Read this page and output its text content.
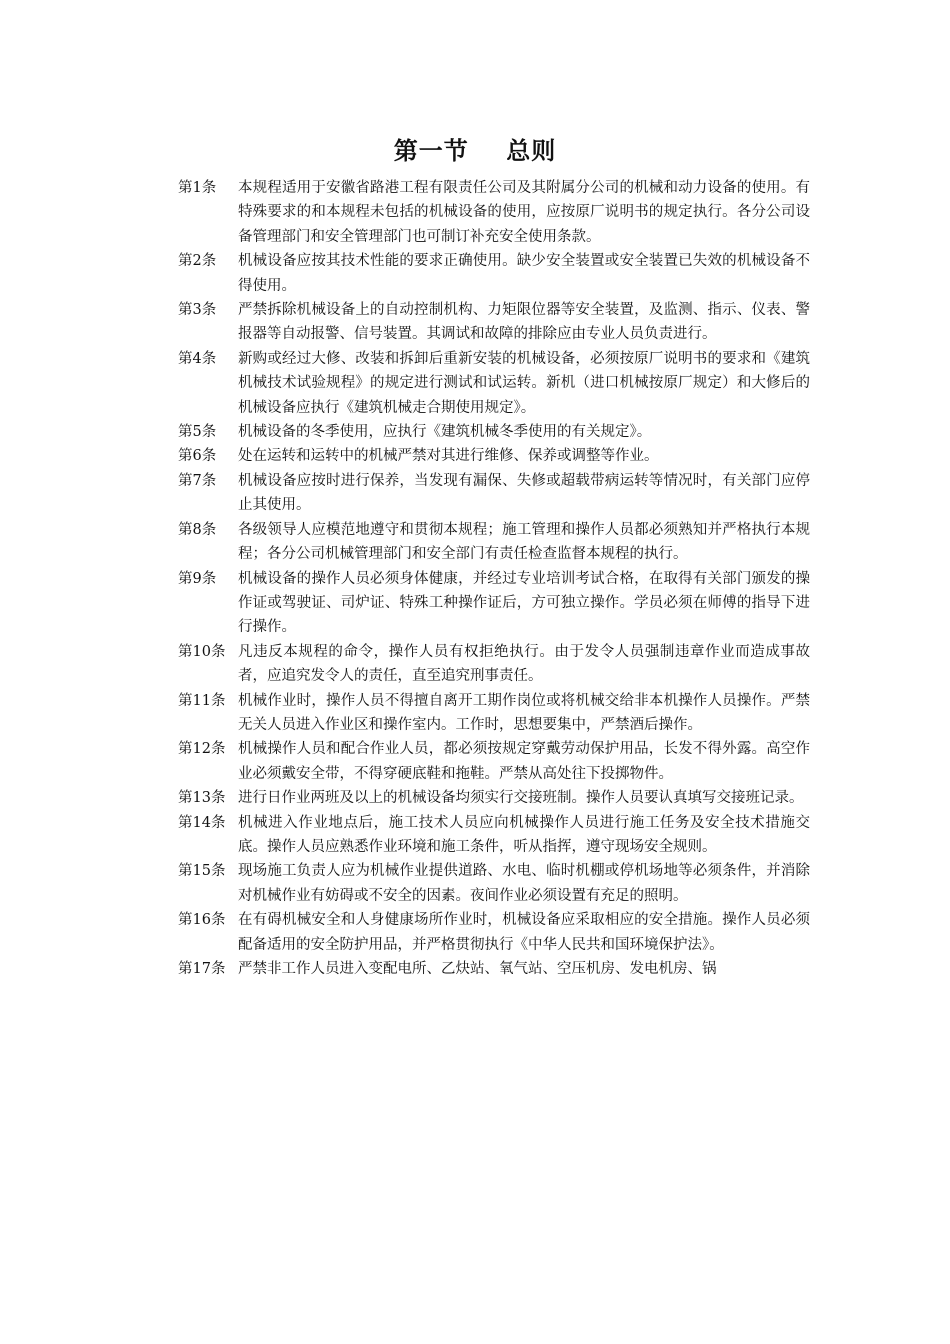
第一节    总则
第1条	本规程适用于安徽省路港工程有限责任公司及其附属分公司的机械和动力设备的使用。有特殊要求的和本规程未包括的机械设备的使用，应按原厂说明书的规定执行。各分公司设备管理部门和安全管理部门也可制订补充安全使用条款。
第2条	机械设备应按其技术性能的要求正确使用。缺少安全装置或安全装置已失效的机械设备不得使用。
第3条	严禁拆除机械设备上的自动控制机构、力矩限位器等安全装置，及监测、指示、仪表、警报器等自动报警、信号装置。其调试和故障的排除应由专业人员负责进行。
第4条	新购或经过大修、改装和拆卸后重新安装的机械设备，必须按原厂说明书的要求和《建筑机械技术试验规程》的规定进行测试和试运转。新机（进口机械按原厂规定）和大修后的机械设备应执行《建筑机械走合期使用规定》。
第5条	机械设备的冬季使用，应执行《建筑机械冬季使用的有关规定》。
第6条	处在运转和运转中的机械严禁对其进行维修、保养或调整等作业。
第7条	机械设备应按时进行保养，当发现有漏保、失修或超载带病运转等情况时，有关部门应停止其使用。
第8条	各级领导人应模范地遵守和贯彻本规程；施工管理和操作人员都必须熟知并严格执行本规程；各分公司机械管理部门和安全部门有责任检查监督本规程的执行。
第9条	机械设备的操作人员必须身体健康，并经过专业培训考试合格，在取得有关部门颁发的操作证或驾驶证、司炉证、特殊工种操作证后，方可独立操作。学员必须在师傅的指导下进行操作。
第10条 凡违反本规程的命令，操作人员有权拒绝执行。由于发令人员强制违章作业而造成事故者，应追究发令人的责任，直至追究刑事责任。
第11条 机械作业时，操作人员不得擅自离开工期作岗位或将机械交给非本机操作人员操作。严禁无关人员进入作业区和操作室内。工作时，思想要集中，严禁酒后操作。
第12条 机械操作人员和配合作业人员，都必须按规定穿戴劳动保护用品，长发不得外露。高空作业必须戴安全带，不得穿硬底鞋和拖鞋。严禁从高处往下投掷物件。
第13条 进行日作业两班及以上的机械设备均须实行交接班制。操作人员要认真填写交接班记录。
第14条 机械进入作业地点后，施工技术人员应向机械操作人员进行施工任务及安全技术措施交底。操作人员应熟悉作业环境和施工条件，听从指挥，遵守现场安全规则。
第15条 现场施工负责人应为机械作业提供道路、水电、临时机棚或停机场地等必须条件，并消除对机械作业有妨碍或不安全的因素。夜间作业必须设置有充足的照明。
第16条 在有碍机械安全和人身健康场所作业时，机械设备应采取相应的安全措施。操作人员必须配备适用的安全防护用品，并严格贯彻执行《中华人民共和国环境保护法》。
第17条 严禁非工作人员进入变配电所、乙炔站、氧气站、空压机房、发电机房、锅
